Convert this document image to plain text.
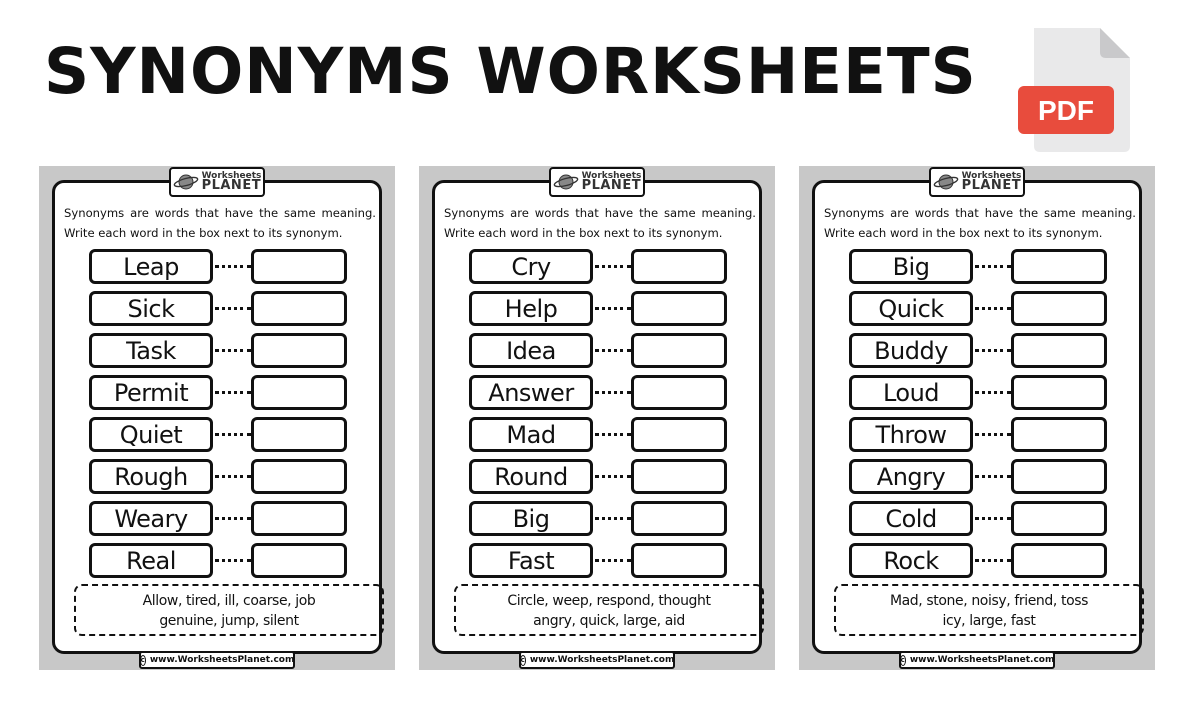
SYNONYMS WORKSHEETS
PDF
Worksheets
PLANET
Synonyms are words that have the same meaning. Write each word in the box next to its synonym.
Leap
Sick
Task
Permit
Quiet
Rough
Weary
Real
Allow, tired, ill, coarse, job
genuine, jump, silent
c www.WorksheetsPlanet.com
Worksheets
PLANET
Synonyms are words that have the same meaning. Write each word in the box next to its synonym.
Cry
Help
Idea
Answer
Mad
Round
Big
Fast
Circle, weep, respond, thought
angry, quick, large, aid
c www.WorksheetsPlanet.com
Worksheets
PLANET
Synonyms are words that have the same meaning. Write each word in the box next to its synonym.
Big
Quick
Buddy
Loud
Throw
Angry
Cold
Rock
Mad, stone, noisy, friend, toss
icy, large, fast
c www.WorksheetsPlanet.com
